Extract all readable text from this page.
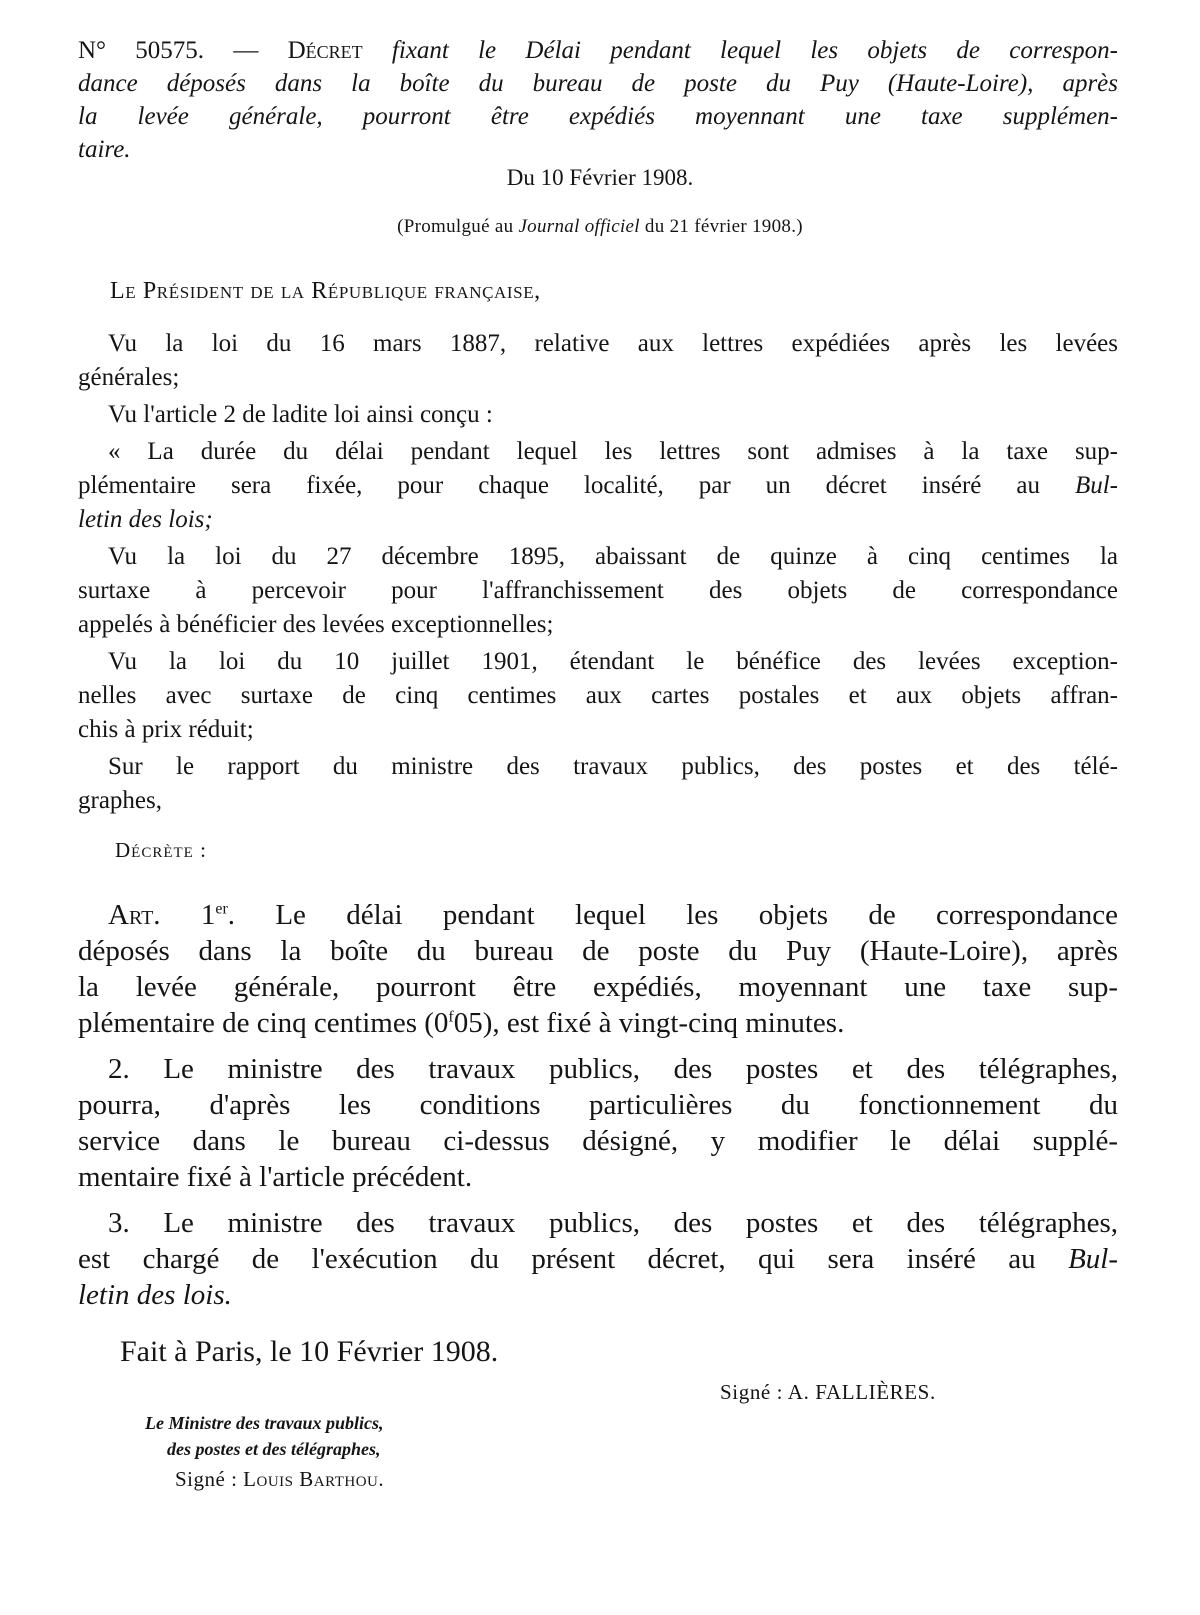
N° 50575. — Décret fixant le Délai pendant lequel les objets de correspon-
dance déposés dans la boîte du bureau de poste du Puy (Haute-Loire), après
la levée générale, pourront être expédiés moyennant une taxe supplémen-
taire.

Du 10 Février 1908.

(Promulgué au Journal officiel du 21 février 1908.)

Le Président de la République française,

Vu la loi du 16 mars 1887, relative aux lettres expédiées après les levées
générales;

Vu l'article 2 de ladite loi ainsi conçu :

« La durée du délai pendant lequel les lettres sont admises à la taxe sup-
plémentaire sera fixée, pour chaque localité, par un décret inséré au Bul-
letin des lois;

Vu la loi du 27 décembre 1895, abaissant de quinze à cinq centimes la
surtaxe à percevoir pour l'affranchissement des objets de correspondance
appelés à bénéficier des levées exceptionnelles;

Vu la loi du 10 juillet 1901, étendant le bénéfice des levées exception-
nelles avec surtaxe de cinq centimes aux cartes postales et aux objets affran-
chis à prix réduit;

Sur le rapport du ministre des travaux publics, des postes et des télé-
graphes,

Décrète :

Art. 1er. Le délai pendant lequel les objets de correspondance
déposés dans la boîte du bureau de poste du Puy (Haute-Loire), après
la levée générale, pourront être expédiés, moyennant une taxe sup-
plémentaire de cinq centimes (0$^f$05), est fixé à vingt-cinq minutes.

2. Le ministre des travaux publics, des postes et des télégraphes,
pourra, d'après les conditions particulières du fonctionnement du
service dans le bureau ci-dessus désigné, y modifier le délai supplé-
mentaire fixé à l'article précédent.

3. Le ministre des travaux publics, des postes et des télégraphes,
est chargé de l'exécution du présent décret, qui sera inséré au Bul-
letin des lois.

Fait à Paris, le 10 Février 1908.

Signé : A. FALLIÈRES.

Le Ministre des travaux publics,
des postes et des télégraphes,

Signé : Louis Barthou.
